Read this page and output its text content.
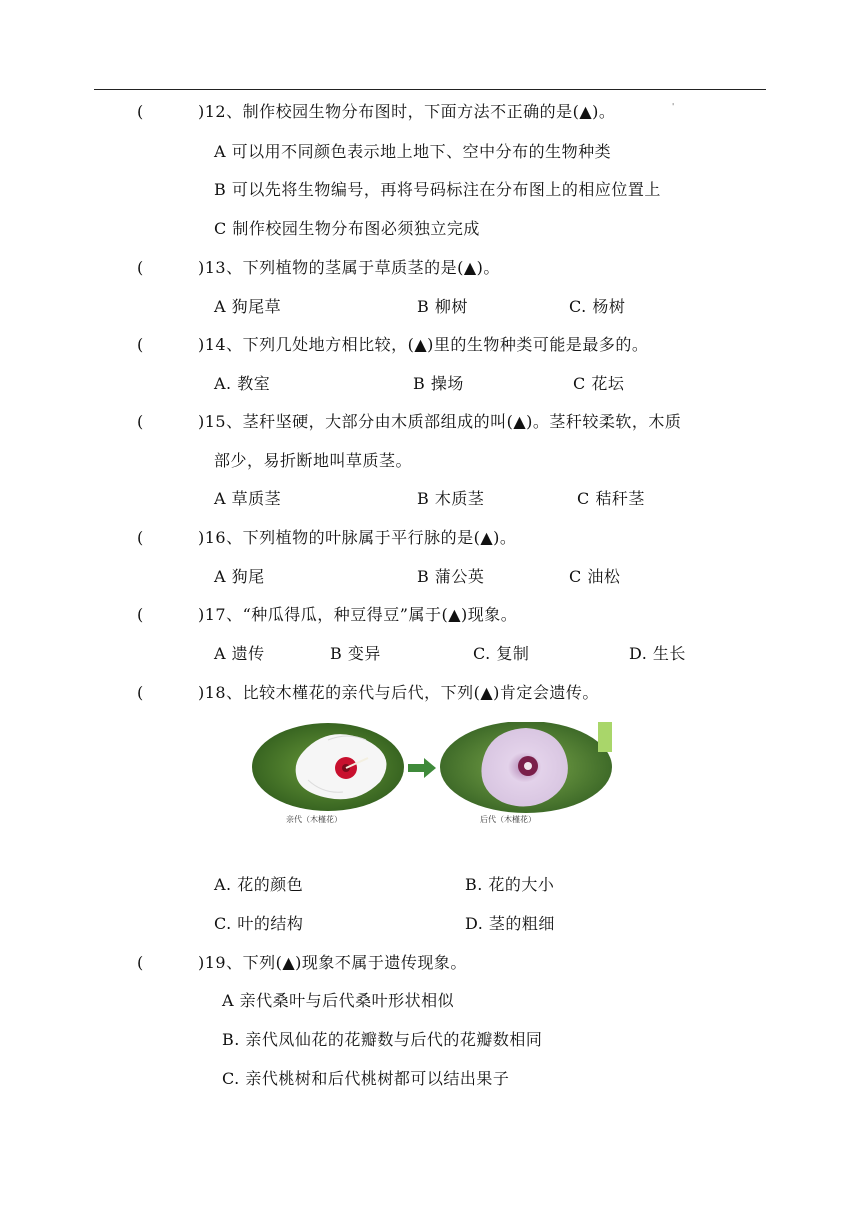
'
(	)12、制作校园生物分布图时，下面方法不正确的是(▲)。
A 可以用不同颜色表示地上地下、空中分布的生物种类
B 可以先将生物编号，再将号码标注在分布图上的相应位置上
C 制作校园生物分布图必须独立完成
(	)13、下列植物的茎属于草质茎的是(▲)。
A 狗尾草	B 柳树	C. 杨树
(	)14、下列几处地方相比较，(▲)里的生物种类可能是最多的。
A. 教室	B 操场	C 花坛
(	)15、茎秆坚硬，大部分由木质部组成的叫(▲)。茎秆较柔软，木质
部少，易折断地叫草质茎。
A 草质茎	B 木质茎	C 秸秆茎
(	)16、下列植物的叶脉属于平行脉的是(▲)。
A 狗尾	B 蒲公英	C 油松
(	)17、“种瓜得瓜，种豆得豆”属于(▲)现象。
A 遗传	B 变异	C. 复制	D. 生长
(	)18、比较木槿花的亲代与后代，下列(▲)肯定会遗传。
亲代（木槿花）	后代（木槿花）
A. 花的颜色	B. 花的大小
C. 叶的结构	D. 茎的粗细
(	)19、下列(▲)现象不属于遗传现象。
A 亲代桑叶与后代桑叶形状相似
B. 亲代凤仙花的花瓣数与后代的花瓣数相同
C. 亲代桃树和后代桃树都可以结出果子
